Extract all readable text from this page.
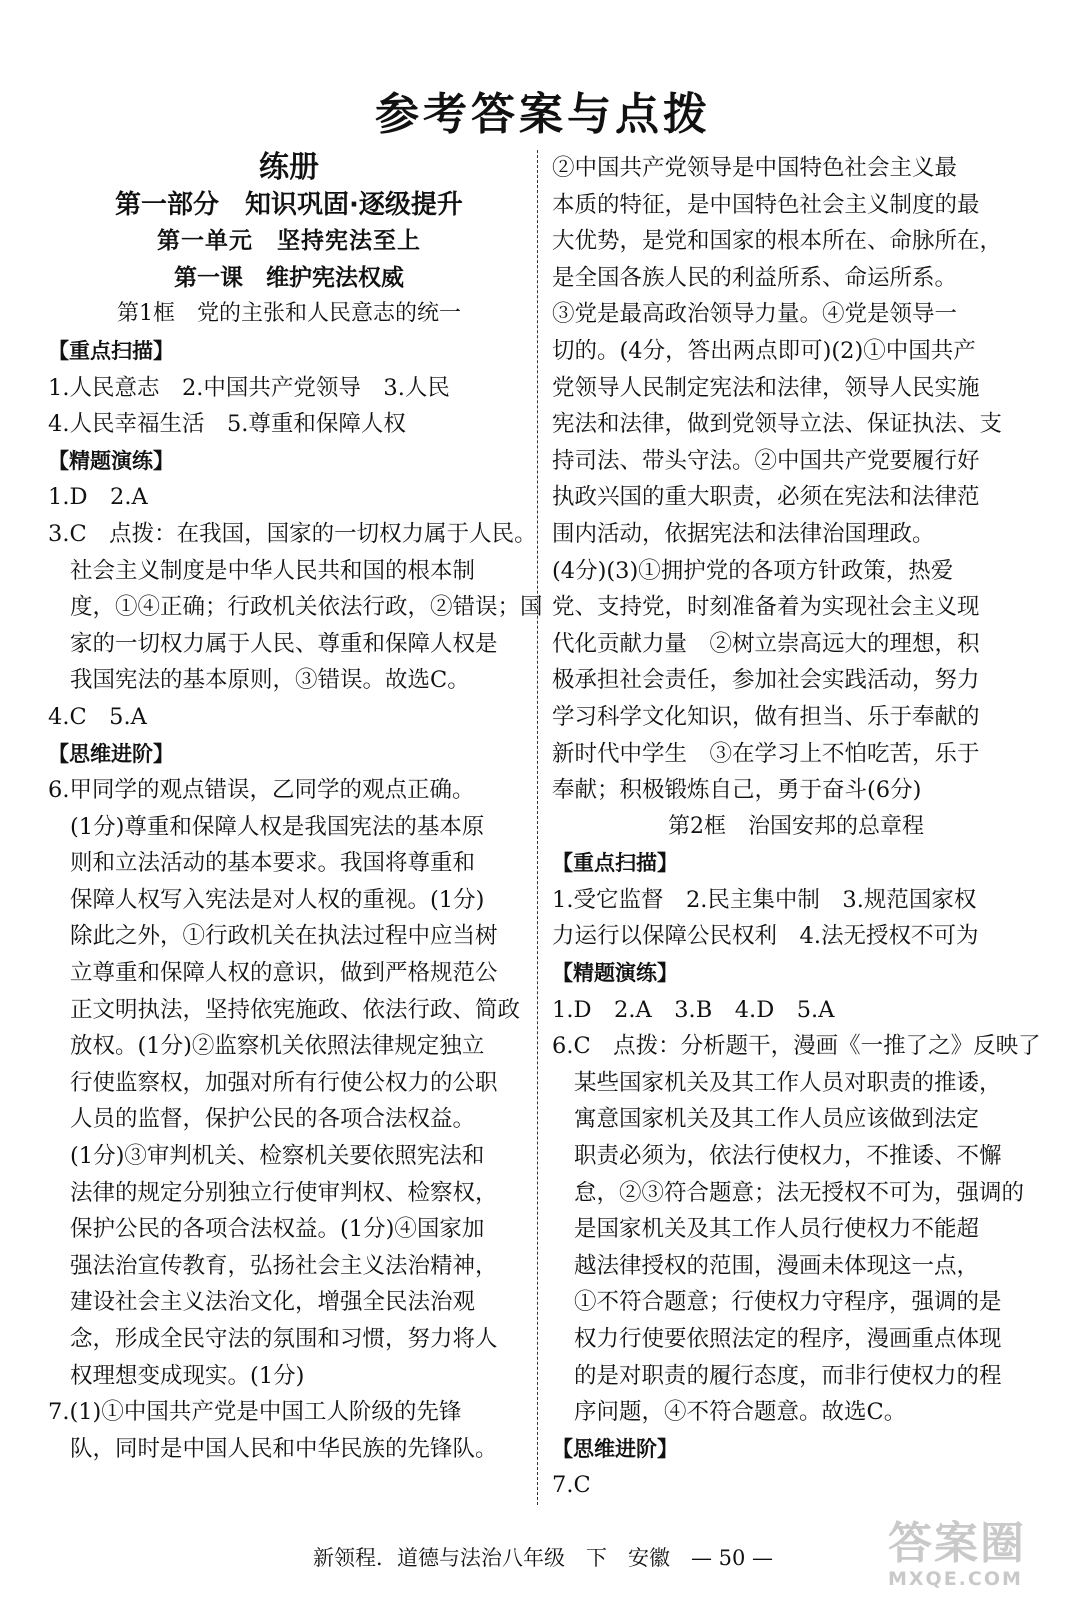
参考答案与点拨
练册
第一部分　知识巩固·逐级提升
第一单元　坚持宪法至上
第一课　维护宪法权威
第1框　党的主张和人民意志的统一
【重点扫描】
1.人民意志　2.中国共产党领导　3.人民
4.人民幸福生活　5.尊重和保障人权
【精题演练】
1.D　2.A
3.C　点拨：在我国，国家的一切权力属于人民。
社会主义制度是中华人民共和国的根本制
度，①④正确；行政机关依法行政，②错误；国
家的一切权力属于人民、尊重和保障人权是
我国宪法的基本原则，③错误。故选C。
4.C　5.A
【思维进阶】
6.甲同学的观点错误，乙同学的观点正确。
(1分)尊重和保障人权是我国宪法的基本原
则和立法活动的基本要求。我国将尊重和
保障人权写入宪法是对人权的重视。(1分)
除此之外，①行政机关在执法过程中应当树
立尊重和保障人权的意识，做到严格规范公
正文明执法，坚持依宪施政、依法行政、简政
放权。(1分)②监察机关依照法律规定独立
行使监察权，加强对所有行使公权力的公职
人员的监督，保护公民的各项合法权益。
(1分)③审判机关、检察机关要依照宪法和
法律的规定分别独立行使审判权、检察权，
保护公民的各项合法权益。(1分)④国家加
强法治宣传教育，弘扬社会主义法治精神，
建设社会主义法治文化，增强全民法治观
念，形成全民守法的氛围和习惯，努力将人
权理想变成现实。(1分)
7.(1)①中国共产党是中国工人阶级的先锋
队，同时是中国人民和中华民族的先锋队。
②中国共产党领导是中国特色社会主义最
本质的特征，是中国特色社会主义制度的最
大优势，是党和国家的根本所在、命脉所在，
是全国各族人民的利益所系、命运所系。
③党是最高政治领导力量。④党是领导一
切的。(4分，答出两点即可)(2)①中国共产
党领导人民制定宪法和法律，领导人民实施
宪法和法律，做到党领导立法、保证执法、支
持司法、带头守法。②中国共产党要履行好
执政兴国的重大职责，必须在宪法和法律范
围内活动，依据宪法和法律治国理政。
(4分)(3)①拥护党的各项方针政策，热爱
党、支持党，时刻准备着为实现社会主义现
代化贡献力量　②树立崇高远大的理想，积
极承担社会责任，参加社会实践活动，努力
学习科学文化知识，做有担当、乐于奉献的
新时代中学生　③在学习上不怕吃苦，乐于
奉献；积极锻炼自己，勇于奋斗(6分)
第2框　治国安邦的总章程
【重点扫描】
1.受它监督　2.民主集中制　3.规范国家权
力运行以保障公民权利　4.法无授权不可为
【精题演练】
1.D　2.A　3.B　4.D　5.A
6.C　点拨：分析题干，漫画《一推了之》反映了
某些国家机关及其工作人员对职责的推诿，
寓意国家机关及其工作人员应该做到法定
职责必须为，依法行使权力，不推诿、不懈
怠，②③符合题意；法无授权不可为，强调的
是国家机关及其工作人员行使权力不能超
越法律授权的范围，漫画未体现这一点，
①不符合题意；行使权力守程序，强调的是
权力行使要依照法定的程序，漫画重点体现
的是对职责的履行态度，而非行使权力的程
序问题，④不符合题意。故选C。
【思维进阶】
7.C
新领程．道德与法治八年级　下　安徽　— 50 —	答案圈
MXQE.COM
